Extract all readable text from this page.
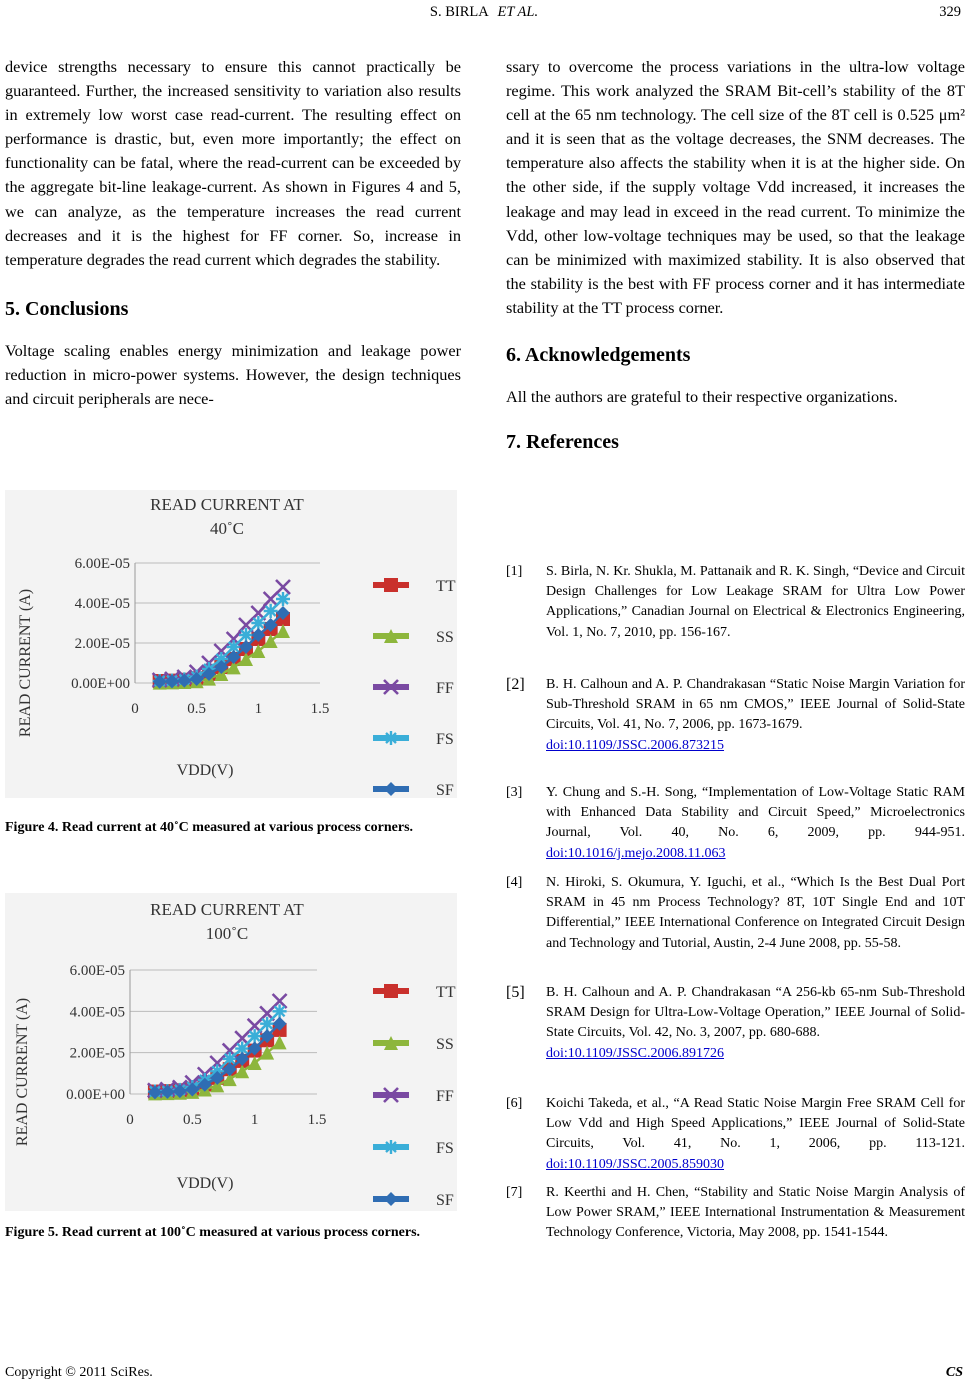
S. BIRLA ET AL.	329

device strengths necessary to ensure this cannot practically be guaranteed. Further, the increased sensitivity to variation also results in extremely low worst case read-current. The resulting effect on performance is drastic, but, even more importantly; the effect on functionality can be fatal, where the read-current can be exceeded by the aggregate bit-line leakage-current. As shown in Figures 4 and 5, we can analyze, as the temperature increases the read current decreases and it is the highest for FF corner. So, increase in temperature degrades the read current which degrades the stability.

5. Conclusions

Voltage scaling enables energy minimization and leakage power reduction in micro-power systems. However, the design techniques and circuit peripherals are nece-

READ CURRENT AT
40˚C
0.00E+00
2.00E-05
4.00E-05
6.00E-05
0	0.5	1	1.5
VDD(V)
READ CURRENT (A)
TT
SS
FF
FS
SF
Figure 4. Read current at 40˚C measured at various process corners.
READ CURRENT AT
100˚C
0.00E+00
2.00E-05
4.00E-05
6.00E-05
0	0.5	1	1.5
VDD(V)
READ CURRENT (A)
TT
SS
FF
FS
SF
Figure 5. Read current at 100˚C measured at various process corners.

ssary to overcome the process variations in the ultra-low voltage regime. This work analyzed the SRAM Bit-cell’s stability of the 8T cell at the 65 nm technology. The cell size of the 8T cell is 0.525 μm² and it is seen that as the voltage decreases, the SNM decreases. The temperature also affects the stability when it is at the higher side. On the other side, if the supply voltage Vdd increased, it increases the leakage and may lead in exceed in the read current. To minimize the Vdd, other low-voltage techniques may be used, so that the leakage can be minimized with maximized stability. It is also observed that the stability is the best with FF process corner and it has intermediate stability at the TT process corner.

6. Acknowledgements

All the authors are grateful to their respective organizations.

7. References
[1] S. Birla, N. Kr. Shukla, M. Pattanaik and R. K. Singh, “Device and Circuit Design Challenges for Low Leakage SRAM for Ultra Low Power Applications,” Canadian Journal on Electrical & Electronics Engineering, Vol. 1, No. 7, 2010, pp. 156-167.
[2] B. H. Calhoun and A. P. Chandrakasan “Static Noise Margin Variation for Sub-Threshold SRAM in 65 nm CMOS,” IEEE Journal of Solid-State Circuits, Vol. 41, No. 7, 2006, pp. 1673-1679.
doi:10.1109/JSSC.2006.873215
[3] Y. Chung and S.-H. Song, “Implementation of Low-Voltage Static RAM with Enhanced Data Stability and Circuit Speed,” Microelectronics Journal, Vol. 40, No. 6, 2009, pp. 944-951. doi:10.1016/j.mejo.2008.11.063
[4] N. Hiroki, S. Okumura, Y. Iguchi, et al., “Which Is the Best Dual Port SRAM in 45 nm Process Technology? 8T, 10T Single End and 10T Differential,” IEEE International Conference on Integrated Circuit Design and Technology and Tutorial, Austin, 2-4 June 2008, pp. 55-58.
[5] B. H. Calhoun and A. P. Chandrakasan “A 256-kb 65-nm Sub-Threshold SRAM Design for Ultra-Low-Voltage Operation,” IEEE Journal of Solid-State Circuits, Vol. 42, No. 3, 2007, pp. 680-688.
doi:10.1109/JSSC.2006.891726
[6] Koichi Takeda, et al., “A Read Static Noise Margin Free SRAM Cell for Low Vdd and High Speed Applications,” IEEE Journal of Solid-State Circuits, Vol. 41, No. 1, 2006, pp. 113-121. doi:10.1109/JSSC.2005.859030
[7] R. Keerthi and H. Chen, “Stability and Static Noise Margin Analysis of Low Power SRAM,” IEEE International Instrumentation & Measurement Technology Conference, Victoria, May 2008, pp. 1541-1544.
Copyright © 2011 SciRes.	CS
